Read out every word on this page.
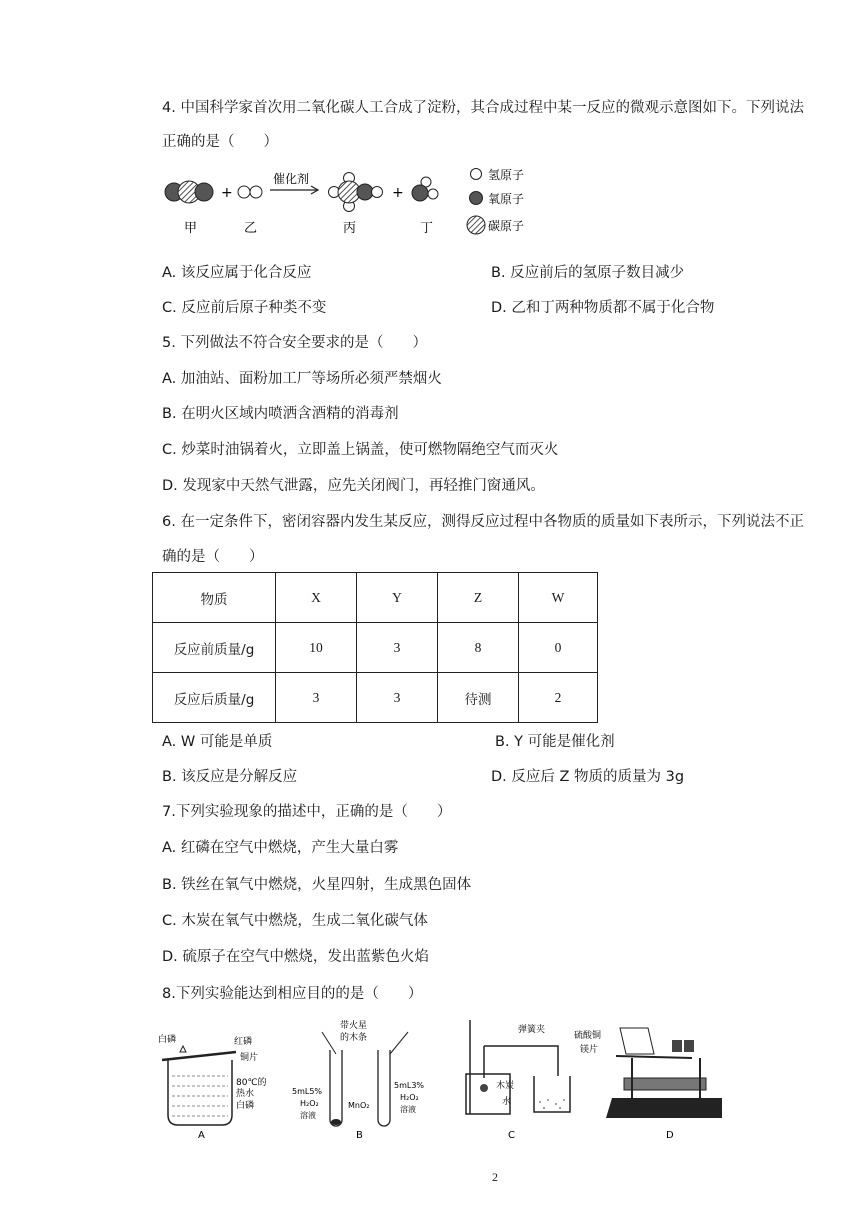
4. 中国科学家首次用二氧化碳人工合成了淀粉，其合成过程中某一反应的微观示意图如下。下列说法
正确的是（　　）
+
催化剂
+
甲	乙	丙	丁
氢原子
氧原子
碳原子
A. 该反应属于化合反应	B. 反应前后的氢原子数目减少
C. 反应前后原子种类不变	D. 乙和丁两种物质都不属于化合物
5. 下列做法不符合安全要求的是（　　）
A. 加油站、面粉加工厂等场所必须严禁烟火
B. 在明火区域内喷洒含酒精的消毒剂
C. 炒菜时油锅着火，立即盖上锅盖，使可燃物隔绝空气而灭火
D. 发现家中天然气泄露，应先关闭阀门，再轻推门窗通风。
6. 在一定条件下，密闭容器内发生某反应，测得反应过程中各物质的质量如下表所示，下列说法不正
确的是（　　）
物质	X	Y	Z	W
反应前质量/g	10	3	8	0
反应后质量/g	3	3	待测	2
A. W 可能是单质	B. Y 可能是催化剂
B. 该反应是分解反应	D. 反应后 Z 物质的质量为 3g
7.下列实验现象的描述中，正确的是（　　）
A. 红磷在空气中燃烧，产生大量白雾
B. 铁丝在氧气中燃烧，火星四射，生成黑色固体
C. 木炭在氧气中燃烧，生成二氧化碳气体
D. 硫原子在空气中燃烧，发出蓝紫色火焰
8.下列实验能达到相应目的的是（　　）
白磷	红磷
铜片
80℃的
热水
白磷
A
带火星
的木条
5mL5%
H₂O₂
溶液
MnO₂
5mL3%
H₂O₂
溶液
B
弹簧夹
木炭
水
C
硫酸铜
镁片
D
2
